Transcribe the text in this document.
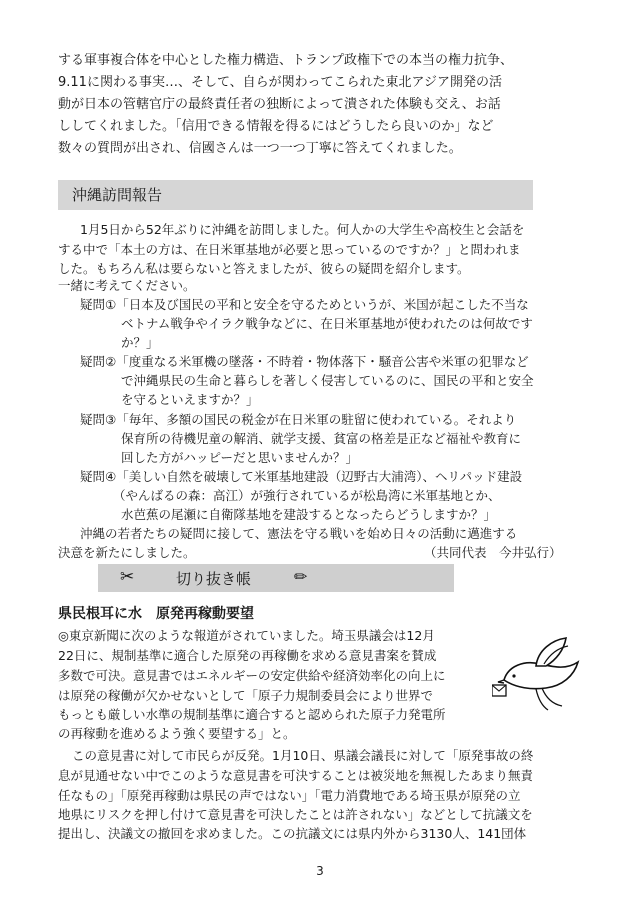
する軍事複合体を中心とした権力構造、トランプ政権下での本当の権力抗争、
9.11に関わる事実…、そして、自らが関わってこられた東北アジア開発の活
動が日本の管轄官庁の最終責任者の独断によって潰された体験も交え、お話
ししてくれました。「信用できる情報を得るにはどうしたら良いのか」など
数々の質問が出され、信國さんは一つ一つ丁寧に答えてくれました。
沖縄訪問報告
1月5日から52年ぶりに沖縄を訪問しました。何人かの大学生や高校生と会話を
する中で「本土の方は、在日米軍基地が必要と思っているのですか？」と問われま
した。もちろん私は要らないと答えましたが、彼らの疑問を紹介します。
一緒に考えてください。
疑問①「日本及び国民の平和と安全を守るためというが、米国が起こした不当な
ベトナム戦争やイラク戦争などに、在日米軍基地が使われたのは何故です
か？」
疑問②「度重なる米軍機の墜落・不時着・物体落下・騒音公害や米軍の犯罪など
で沖縄県民の生命と暮らしを著しく侵害しているのに、国民の平和と安全
を守るといえますか？」
疑問③「毎年、多額の国民の税金が在日米軍の駐留に使われている。それより
保育所の待機児童の解消、就学支援、貧富の格差是正など福祉や教育に
回した方がハッピーだと思いませんか？」
疑問④「美しい自然を破壊して米軍基地建設（辺野古大浦湾）、ヘリパッド建設
（やんばるの森：高江）が強行されているが松島湾に米軍基地とか、
水芭蕉の尾瀬に自衛隊基地を建設するとなったらどうしますか？」
沖縄の若者たちの疑問に接して、憲法を守る戦いを始め日々の活動に邁進する
決意を新たにしました。	（共同代表　今井弘行）
✂	切り抜き帳	✏
県民根耳に水　原発再稼動要望
◎東京新聞に次のような報道がされていました。埼玉県議会は12月
22日に、規制基準に適合した原発の再稼働を求める意見書案を賛成
多数で可決。意見書ではエネルギーの安定供給や経済効率化の向上に
は原発の稼働が欠かせないとして「原子力規制委員会により世界で
もっとも厳しい水準の規制基準に適合すると認められた原子力発電所
の再稼動を進めるよう強く要望する」と。
この意見書に対して市民らが反発。1月10日、県議会議長に対して「原発事故の終
息が見通せない中でこのような意見書を可決することは被災地を無視したあまり無責
任なもの」「原発再稼動は県民の声ではない」「電力消費地である埼玉県が原発の立
地県にリスクを押し付けて意見書を可決したことは許されない」などとして抗議文を
提出し、決議文の撤回を求めました。この抗議文には県内外から3130人、141団体
3
